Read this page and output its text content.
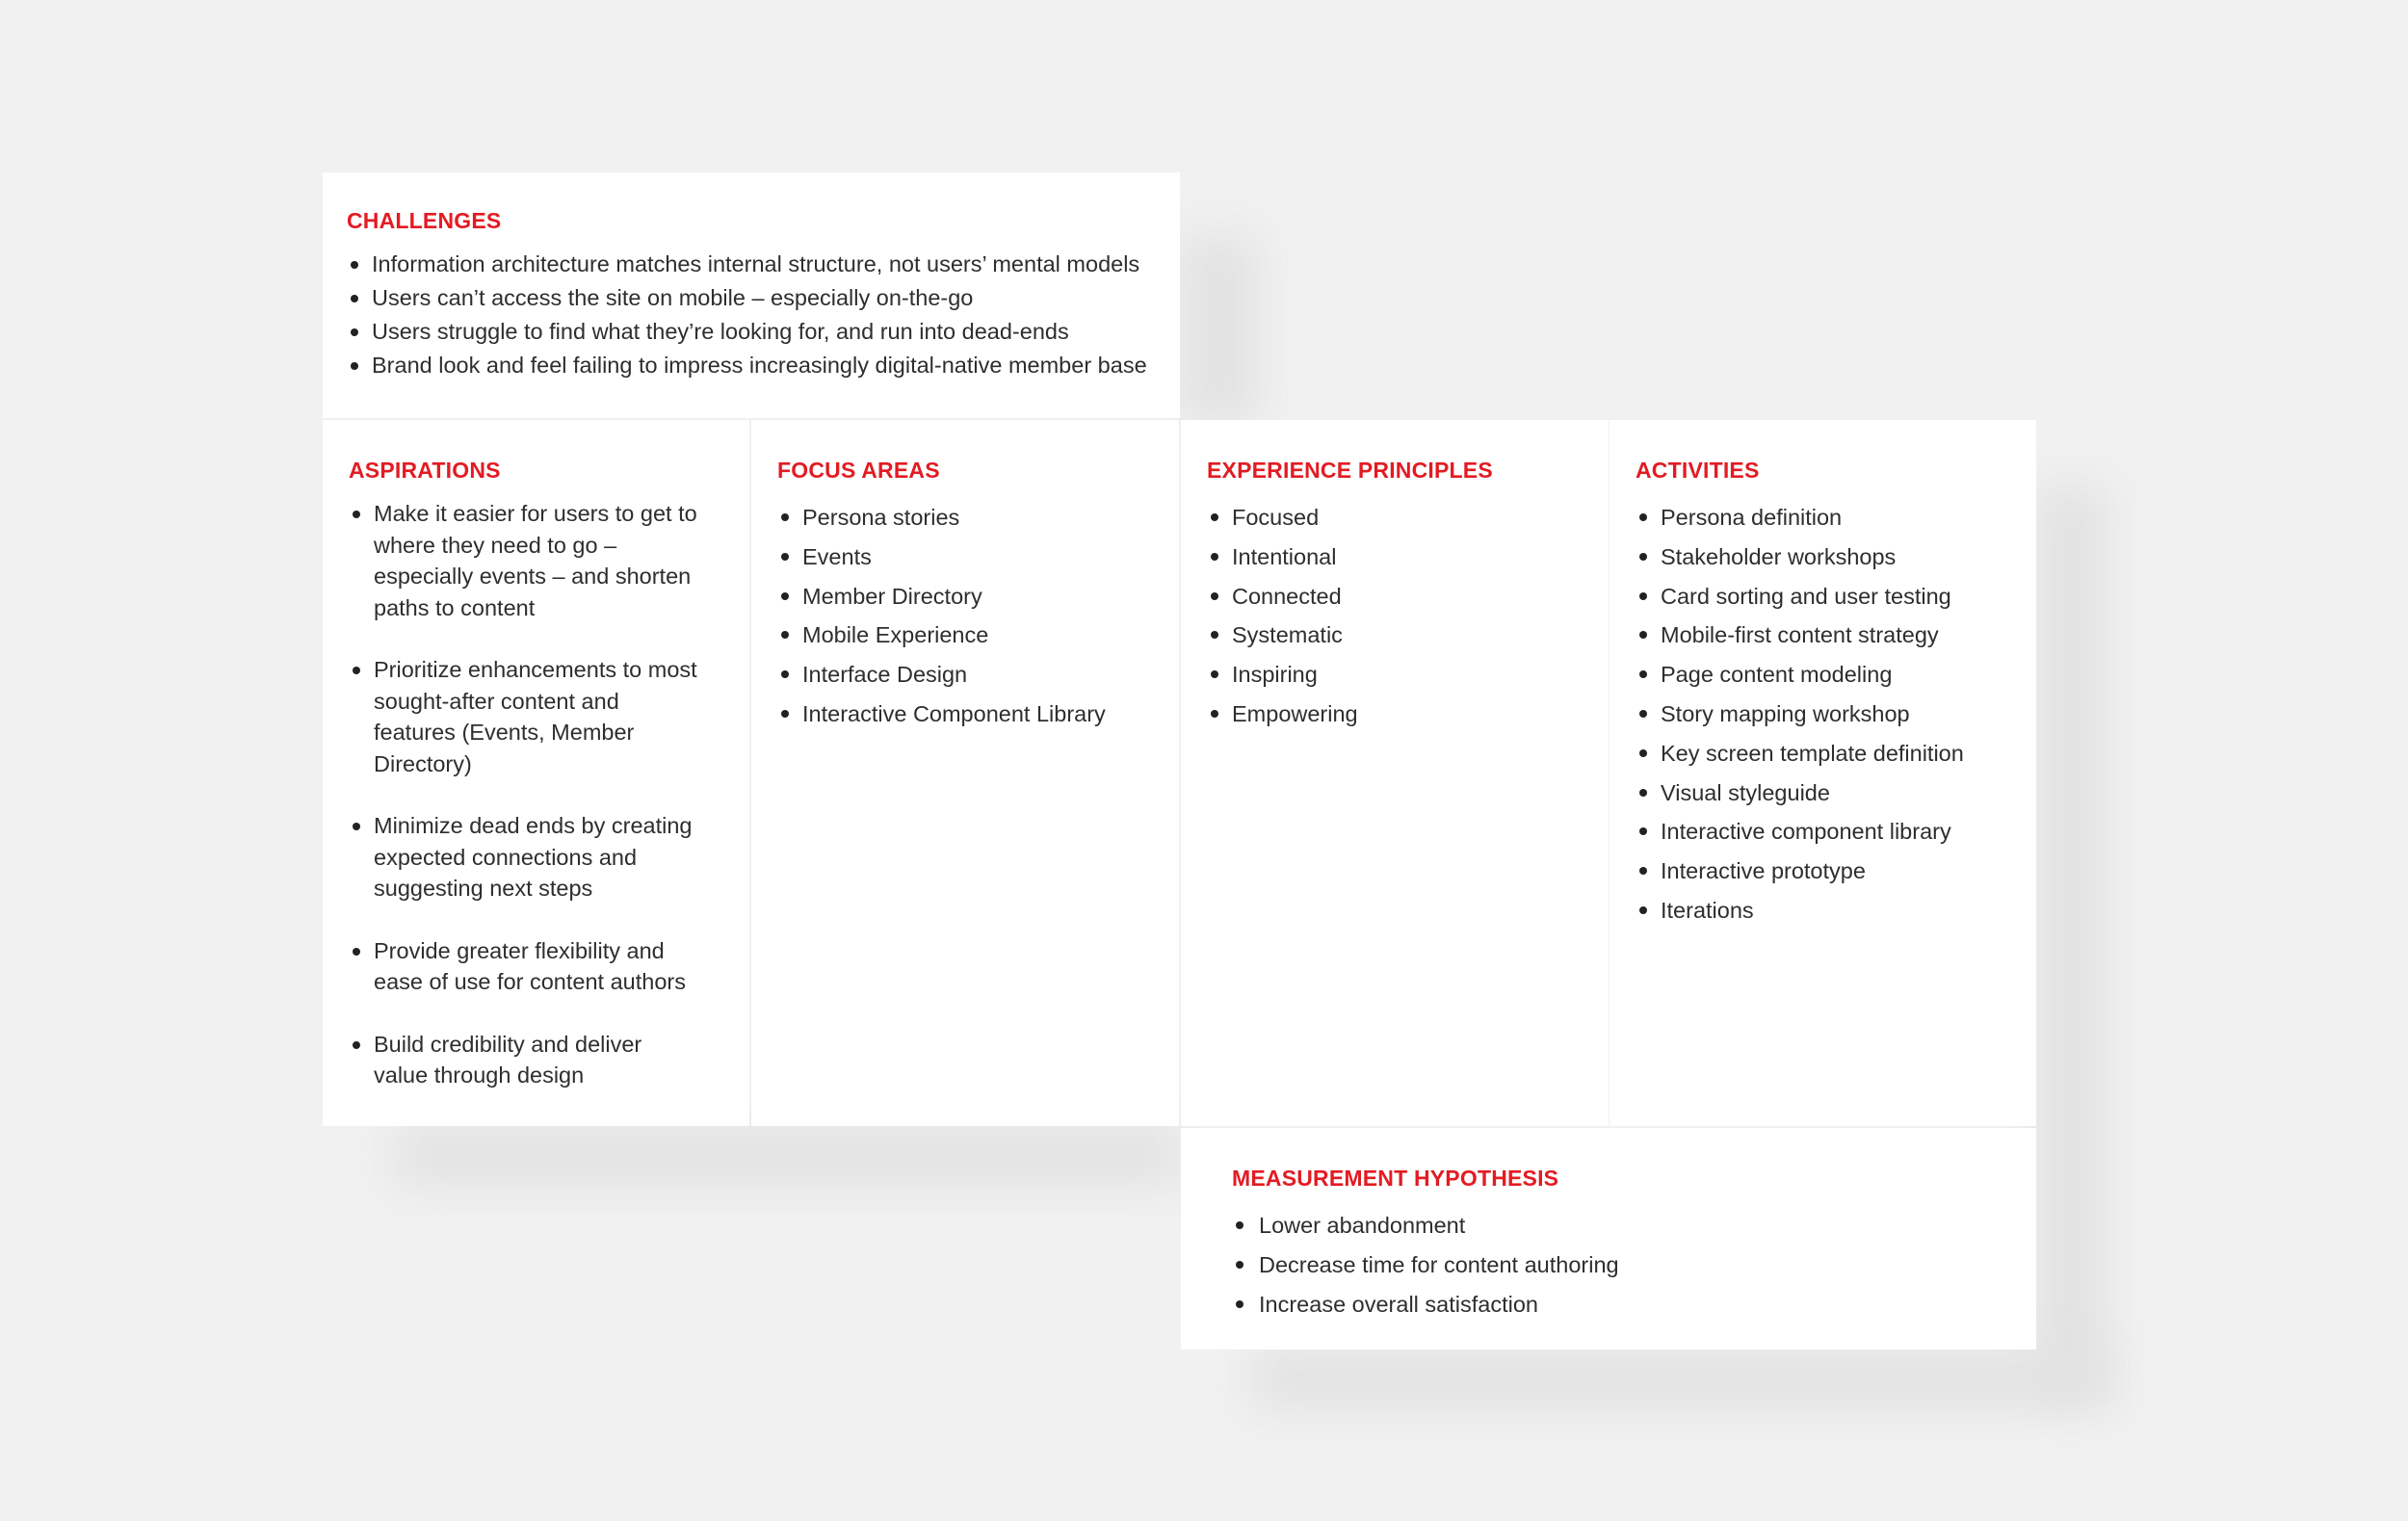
CHALLENGES
Information architecture matches internal structure, not users’ mental models
Users can’t access the site on mobile – especially on-the-go
Users struggle to find what they’re looking for, and run into dead-ends
Brand look and feel failing to impress increasingly digital-native member base
ASPIRATIONS
Make it easier for users to get to where they need to go – especially events – and shorten paths to content
Prioritize enhancements to most sought-after content and features (Events, Member Directory)
Minimize dead ends by creating expected connections and suggesting next steps
Provide greater flexibility and ease of use for content authors
Build credibility and deliver value through design
FOCUS AREAS
Persona stories
Events
Member Directory
Mobile Experience
Interface Design
Interactive Component Library
EXPERIENCE PRINCIPLES
Focused
Intentional
Connected
Systematic
Inspiring
Empowering
ACTIVITIES
Persona definition
Stakeholder workshops
Card sorting and user testing
Mobile-first content strategy
Page content modeling
Story mapping workshop
Key screen template definition
Visual styleguide
Interactive component library
Interactive prototype
Iterations
MEASUREMENT HYPOTHESIS
Lower abandonment
Decrease time for content authoring
Increase overall satisfaction
